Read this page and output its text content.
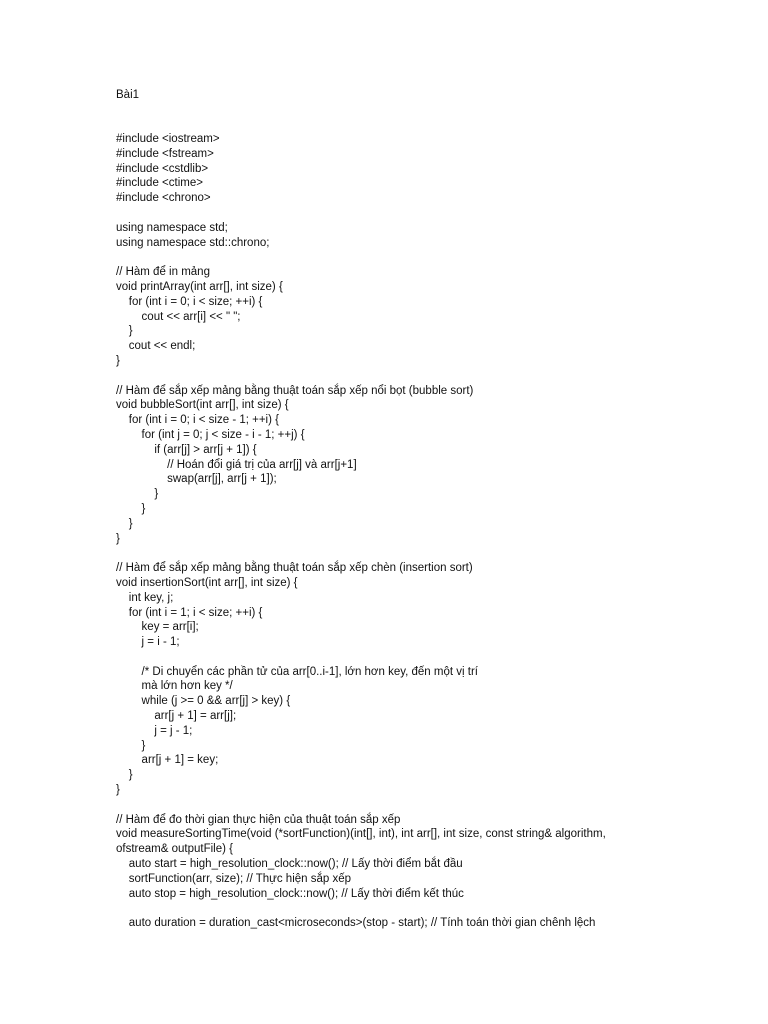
Bài1
#include <iostream>
#include <fstream>
#include <cstdlib>
#include <ctime>
#include <chrono>
using namespace std;
using namespace std::chrono;
// Hàm để in mảng
void printArray(int arr[], int size) {
for (int i = 0; i < size; ++i) {
cout << arr[i] << " ";
}
cout << endl;
}
// Hàm để sắp xếp mảng bằng thuật toán sắp xếp nổi bọt (bubble sort)
void bubbleSort(int arr[], int size) {
for (int i = 0; i < size - 1; ++i) {
for (int j = 0; j < size - i - 1; ++j) {
if (arr[j] > arr[j + 1]) {
// Hoán đổi giá trị của arr[j] và arr[j+1]
swap(arr[j], arr[j + 1]);
}
}
}
}
// Hàm để sắp xếp mảng bằng thuật toán sắp xếp chèn (insertion sort)
void insertionSort(int arr[], int size) {
int key, j;
for (int i = 1; i < size; ++i) {
key = arr[i];
j = i - 1;
/* Di chuyển các phần tử của arr[0..i-1], lớn hơn key, đến một vị trí
mà lớn hơn key */
while (j >= 0 && arr[j] > key) {
arr[j + 1] = arr[j];
j = j - 1;
}
arr[j + 1] = key;
}
}
// Hàm để đo thời gian thực hiện của thuật toán sắp xếp
void measureSortingTime(void (*sortFunction)(int[], int), int arr[], int size, const string& algorithm,
ofstream& outputFile) {
auto start = high_resolution_clock::now(); // Lấy thời điểm bắt đầu
sortFunction(arr, size); // Thực hiện sắp xếp
auto stop = high_resolution_clock::now(); // Lấy thời điểm kết thúc
auto duration = duration_cast<microseconds>(stop - start); // Tính toán thời gian chênh lệch
